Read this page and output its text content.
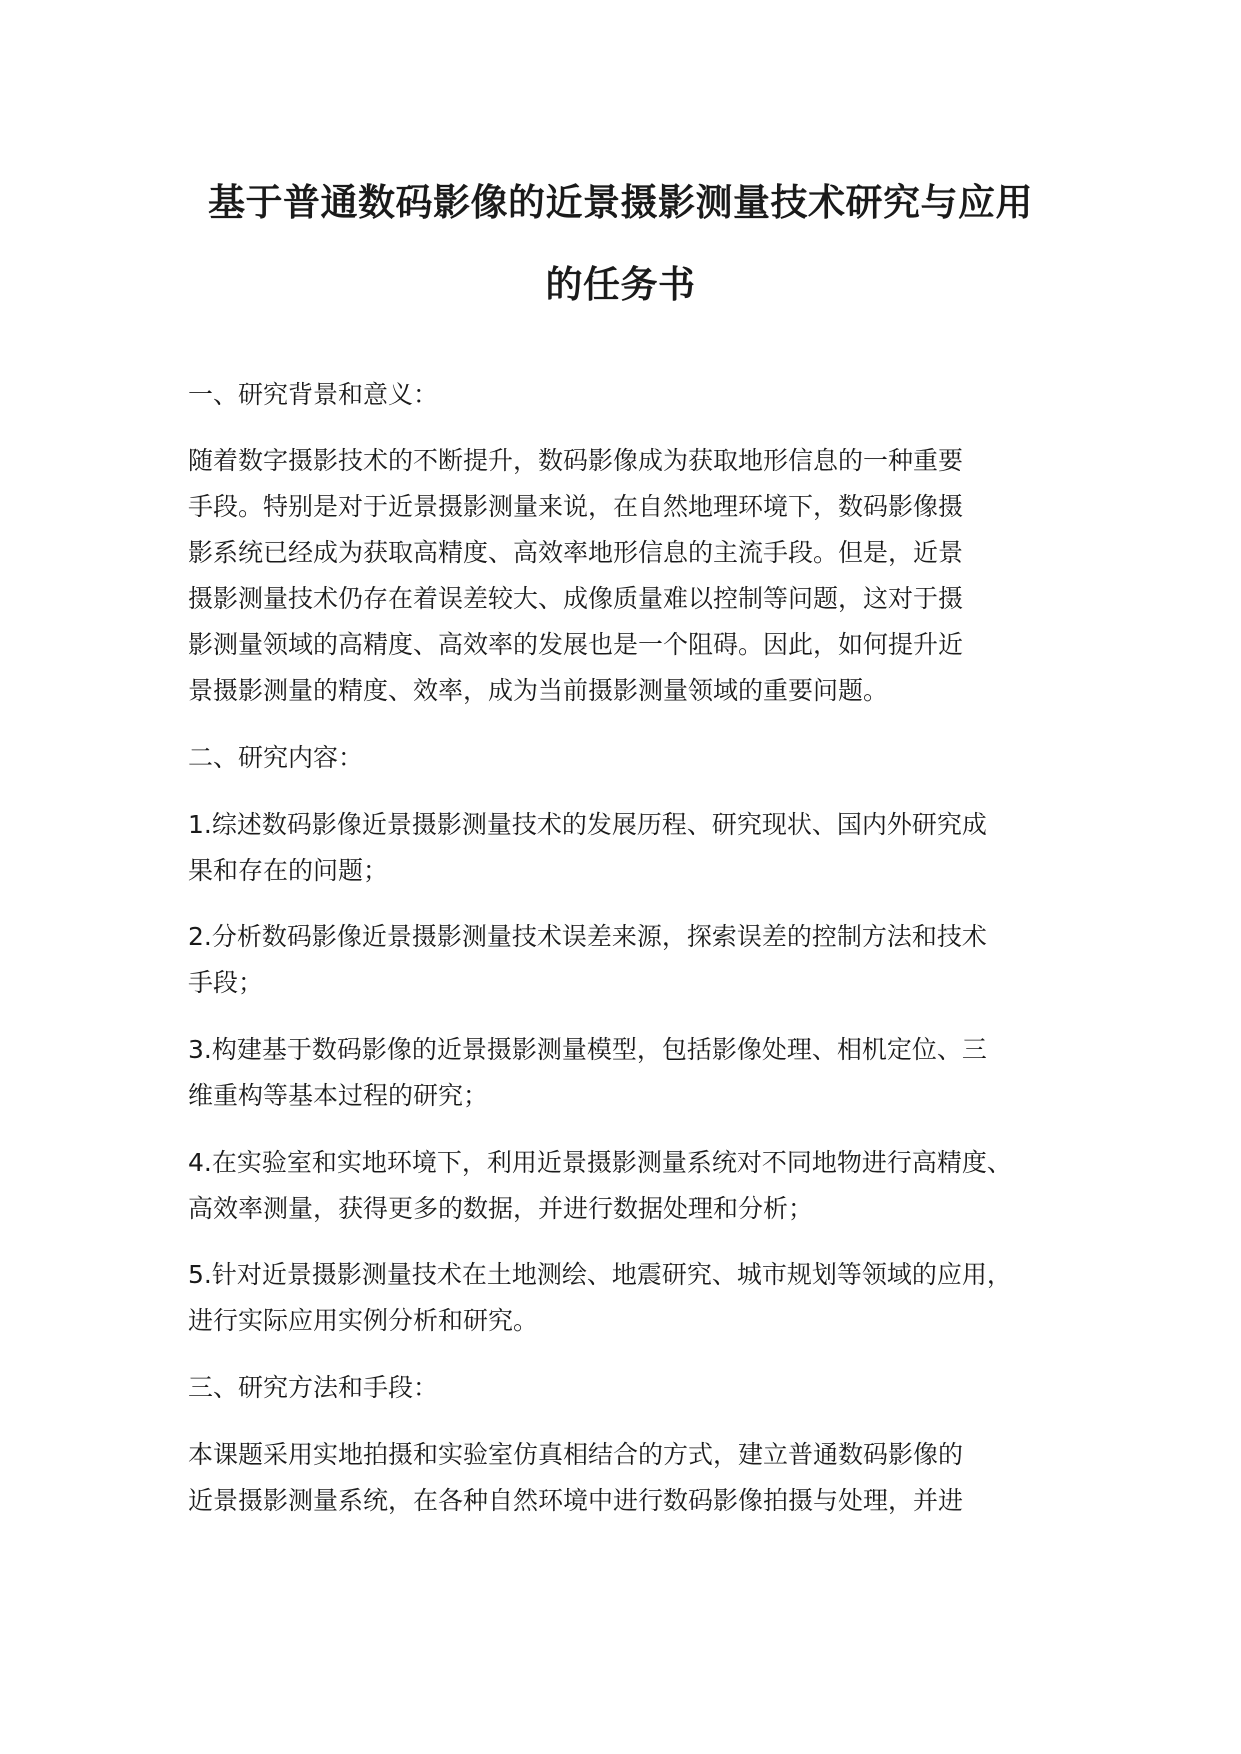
基于普通数码影像的近景摄影测量技术研究与应用
的任务书
一、研究背景和意义：
随着数字摄影技术的不断提升，数码影像成为获取地形信息的一种重要
手段。特别是对于近景摄影测量来说，在自然地理环境下，数码影像摄
影系统已经成为获取高精度、高效率地形信息的主流手段。但是，近景
摄影测量技术仍存在着误差较大、成像质量难以控制等问题，这对于摄
影测量领域的高精度、高效率的发展也是一个阻碍。因此，如何提升近
景摄影测量的精度、效率，成为当前摄影测量领域的重要问题。
二、研究内容：
1.综述数码影像近景摄影测量技术的发展历程、研究现状、国内外研究成
果和存在的问题；
2.分析数码影像近景摄影测量技术误差来源，探索误差的控制方法和技术
手段；
3.构建基于数码影像的近景摄影测量模型，包括影像处理、相机定位、三
维重构等基本过程的研究；
4.在实验室和实地环境下，利用近景摄影测量系统对不同地物进行高精度、
高效率测量，获得更多的数据，并进行数据处理和分析；
5.针对近景摄影测量技术在土地测绘、地震研究、城市规划等领域的应用，
进行实际应用实例分析和研究。
三、研究方法和手段：
本课题采用实地拍摄和实验室仿真相结合的方式，建立普通数码影像的
近景摄影测量系统，在各种自然环境中进行数码影像拍摄与处理，并进
